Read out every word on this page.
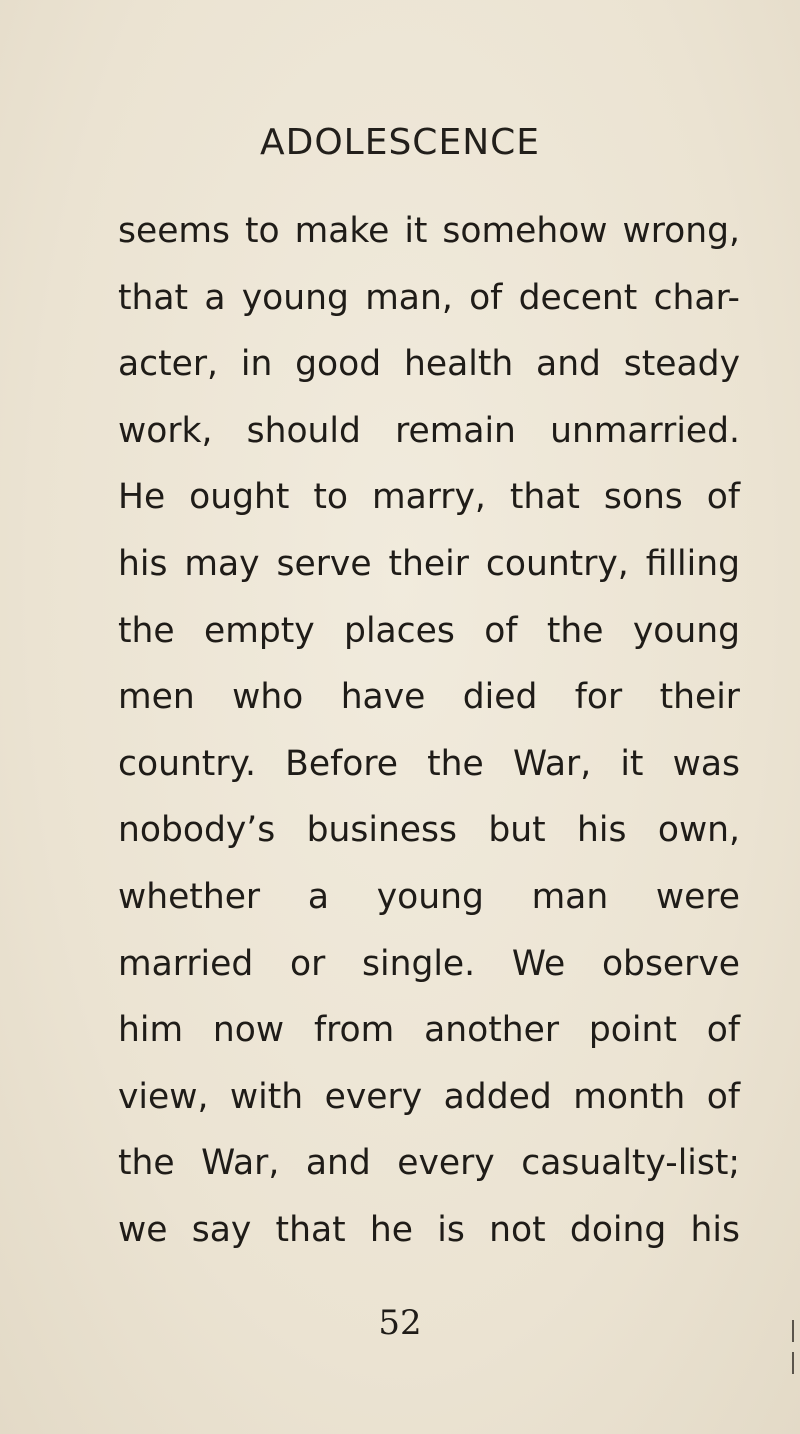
ADOLESCENCE
seems to make it somehow wrong,
that a young man, of decent char-
acter, in good health and steady
work, should remain unmarried.
He ought to marry, that sons of
his may serve their country, filling
the empty places of the young
men who have died for their
country. Before the War, it was
nobody’s business but his own,
whether a young man were
married or single. We observe
him now from another point of
view, with every added month of
the War, and every casualty-list;
we say that he is not doing his
52
